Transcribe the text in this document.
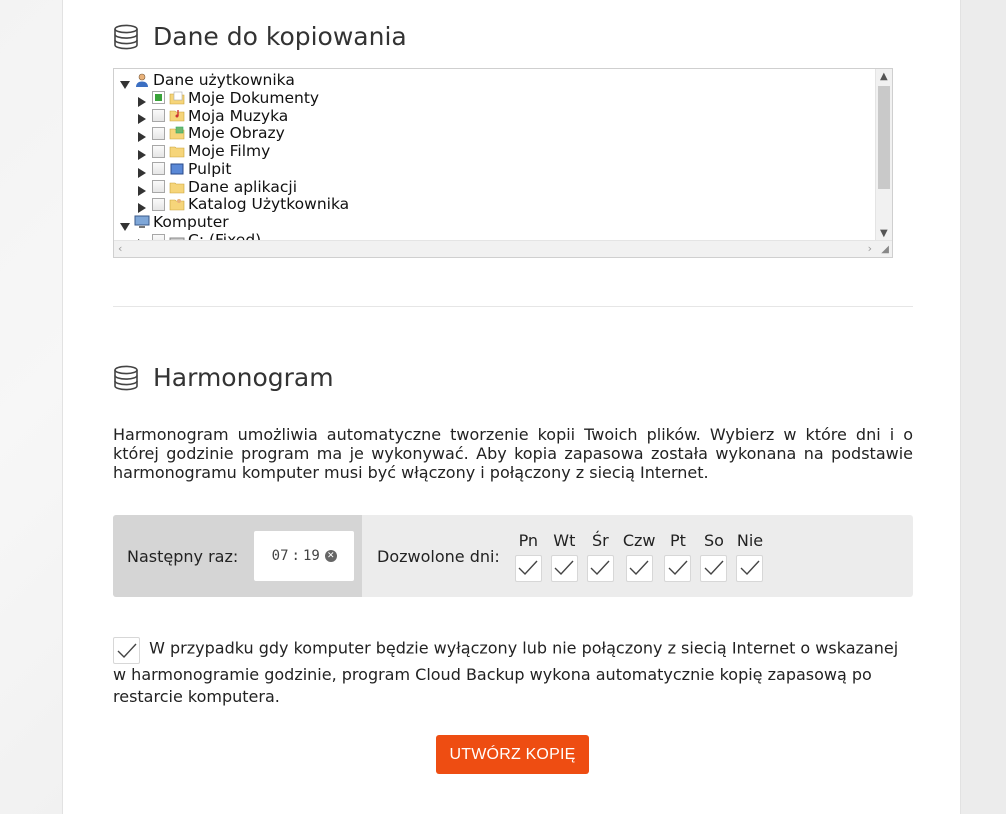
Dane do kopiowania
Dane użytkownika
Moje Dokumenty
Moja Muzyka
Moje Obrazy
Moje Filmy
Pulpit
Dane aplikacji
Katalog Użytkownika
Komputer
▲
▼
‹	› ◢
Harmonogram

Harmonogram umożliwia automatyczne tworzenie kopii Twoich plików. Wybierz w które dni i o której godzinie program ma je wykonywać. Aby kopia zapasowa została wykonana na podstawie harmonogramu komputer musi być włączony i połączony z siecią Internet.

Następny raz: 07 : 19 ✕	Dozwolone dni:
Pn Wt Śr Czw Pt So Nie

W przypadku gdy komputer będzie wyłączony lub nie połączony z siecią Internet o wskazanej w harmonogramie godzinie, program Cloud Backup wykona automatycznie kopię zapasową po restarcie komputera.

UTWÓRZ KOPIĘ
